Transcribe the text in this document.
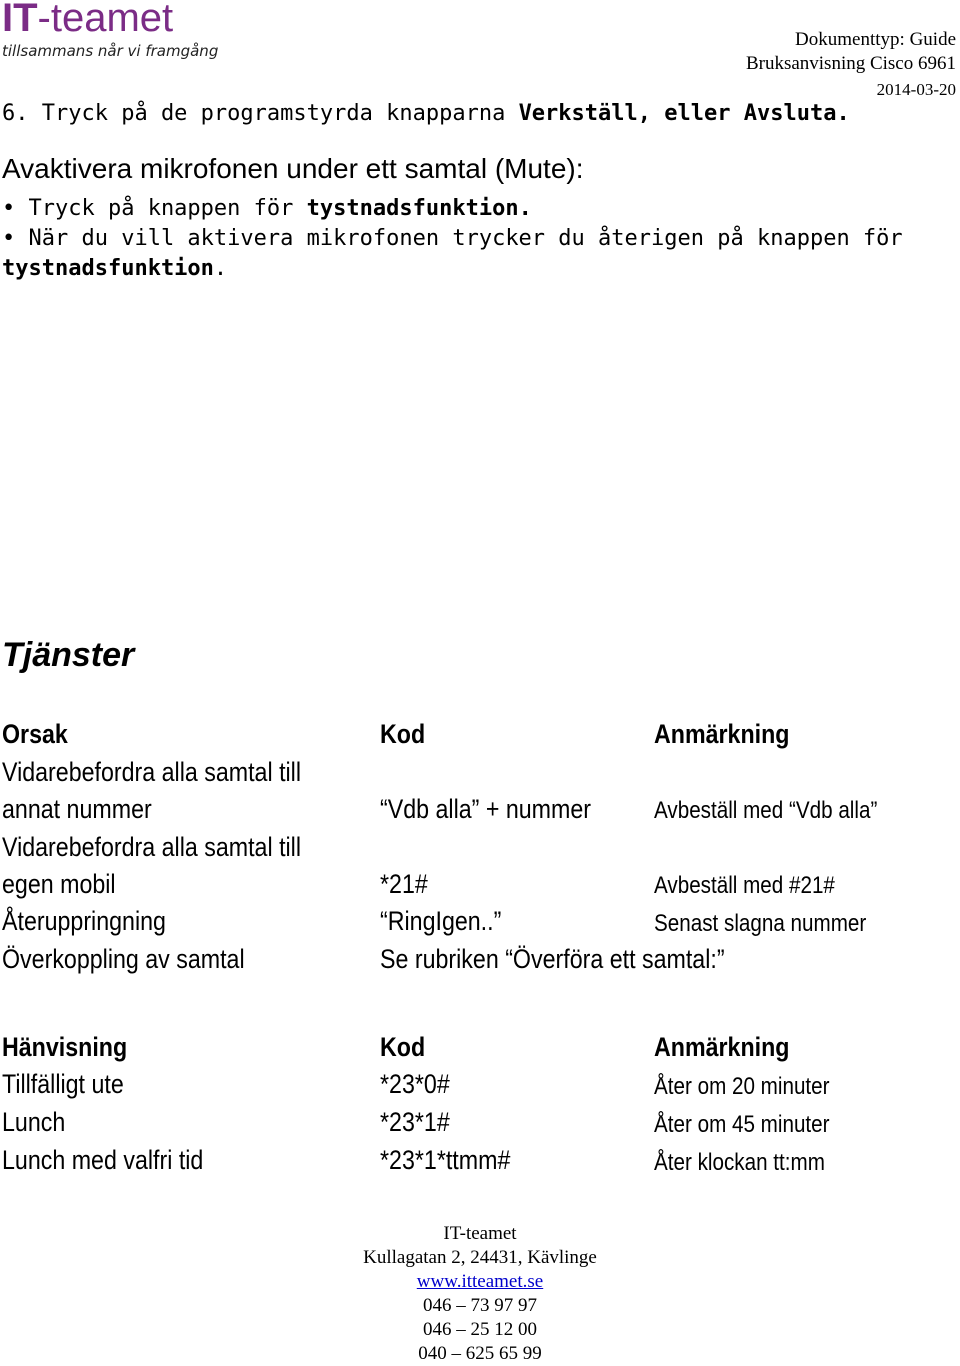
IT-teamet
tillsammans når vi framgång
Dokumenttyp: Guide
Bruksanvisning Cisco 6961
2014-03-20
6. Tryck på de programstyrda knapparna Verkställ, eller Avsluta.
Avaktivera mikrofonen under ett samtal (Mute):
• Tryck på knappen för tystnadsfunktion.
• När du vill aktivera mikrofonen trycker du återigen på knappen för
tystnadsfunktion.
Tjänster
Orsak	Kod	Anmärkning
Vidarebefordra alla samtal till
annat nummer	“Vdb alla” + nummer	Avbeställ med “Vdb alla”
Vidarebefordra alla samtal till
egen mobil	*21#	Avbeställ med #21#
Återuppringning	“RingIgen..”	Senast slagna nummer
Överkoppling av samtal	Se rubriken “Överföra ett samtal:”
Hänvisning	Kod	Anmärkning
Tillfälligt ute	*23*0#	Åter om 20 minuter
Lunch	*23*1#	Åter om 45 minuter
Lunch med valfri tid	*23*1*ttmm#	Åter klockan tt:mm
IT-teamet
Kullagatan 2, 24431, Kävlinge
www.itteamet.se
046 – 73 97 97
046 – 25 12 00
040 – 625 65 99
